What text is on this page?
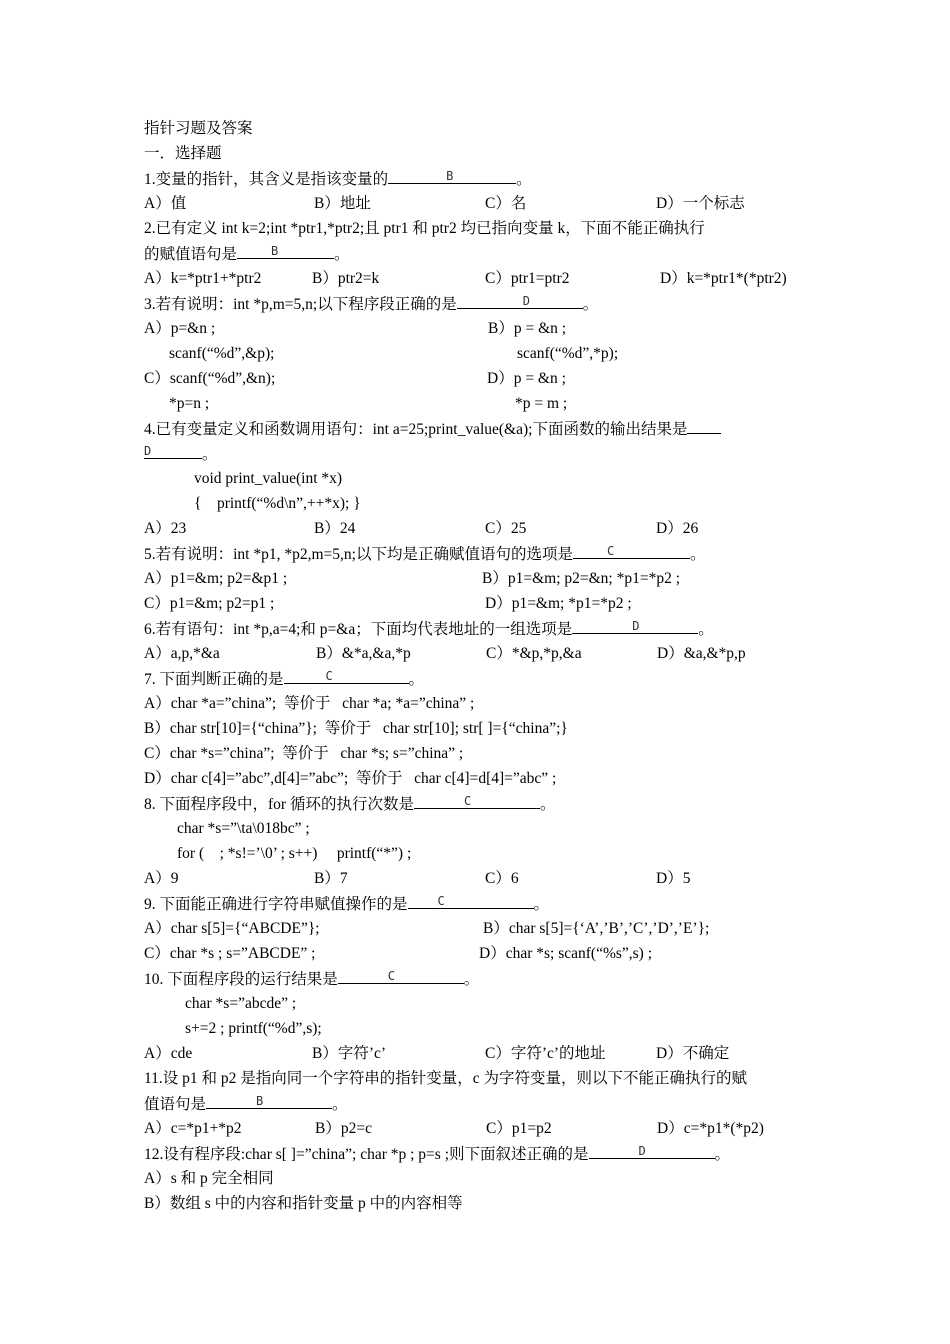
指针习题及答案
一．选择题
1.变量的指针，其含义是指该变量的	B	。
A）值	B）地址	C）名	D）一个标志
2.已有定义 int k=2;int *ptr1,*ptr2;且 ptr1 和 ptr2 均已指向变量 k，下面不能正确执行
的赋值语句是	B	。
A）k=*ptr1+*ptr2	B）ptr2=k	C）ptr1=ptr2	D）k=*ptr1*(*ptr2)
3.若有说明：int *p,m=5,n;以下程序段正确的是	D	。
A）p=&n ;	B）p = &n ;
scanf(“%d”,&p);	scanf(“%d”,*p);
C）scanf(“%d”,&n);	D）p = &n ;
*p=n ;	*p = m ;
4.已有变量定义和函数调用语句：int a=25;print_value(&a);下面函数的输出结果是
D	。
void print_value(int *x)
{    printf(“%d\n”,++*x); }
A）23	B）24	C）25	D）26
5.若有说明：int *p1, *p2,m=5,n;以下均是正确赋值语句的选项是	C	。
A）p1=&m; p2=&p1 ;	B）p1=&m; p2=&n; *p1=*p2 ;
C）p1=&m; p2=p1 ;	D）p1=&m; *p1=*p2 ;
6.若有语句：int *p,a=4;和 p=&a；下面均代表地址的一组选项是	D	。
A）a,p,*&a	B）&*a,&a,*p	C）*&p,*p,&a	D）&a,&*p,p
7. 下面判断正确的是	C	。
A）char *a=”china”;  等价于   char *a; *a=”china” ;
B）char str[10]={“china”};  等价于   char str[10]; str[ ]={“china”;}
C）char *s=”china”;  等价于   char *s; s=”china” ;
D）char c[4]=”abc”,d[4]=”abc”;  等价于   char c[4]=d[4]=”abc” ;
8. 下面程序段中，for 循环的执行次数是	C	。
char *s=”\ta\018bc” ;
for (    ; *s!=’\0’ ; s++)     printf(“*”) ;
A）9	B）7	C）6	D）5
9. 下面能正确进行字符串赋值操作的是	C	。
A）char s[5]={“ABCDE”};	B）char s[5]={‘A’,’B’,’C’,’D’,’E’};
C）char *s ; s=”ABCDE” ;	D）char *s; scanf(“%s”,s) ;
10. 下面程序段的运行结果是	C	。
char *s=”abcde” ;
s+=2 ; printf(“%d”,s);
A）cde	B）字符’c’	C）字符’c’的地址	D）不确定
11.设 p1 和 p2 是指向同一个字符串的指针变量，c 为字符变量，则以下不能正确执行的赋
值语句是	B	。
A）c=*p1+*p2	B）p2=c	C）p1=p2	D）c=*p1*(*p2)
12.设有程序段:char s[ ]=”china”; char *p ; p=s ;则下面叙述正确的是	D	。
A）s 和 p 完全相同
B）数组 s 中的内容和指针变量 p 中的内容相等
